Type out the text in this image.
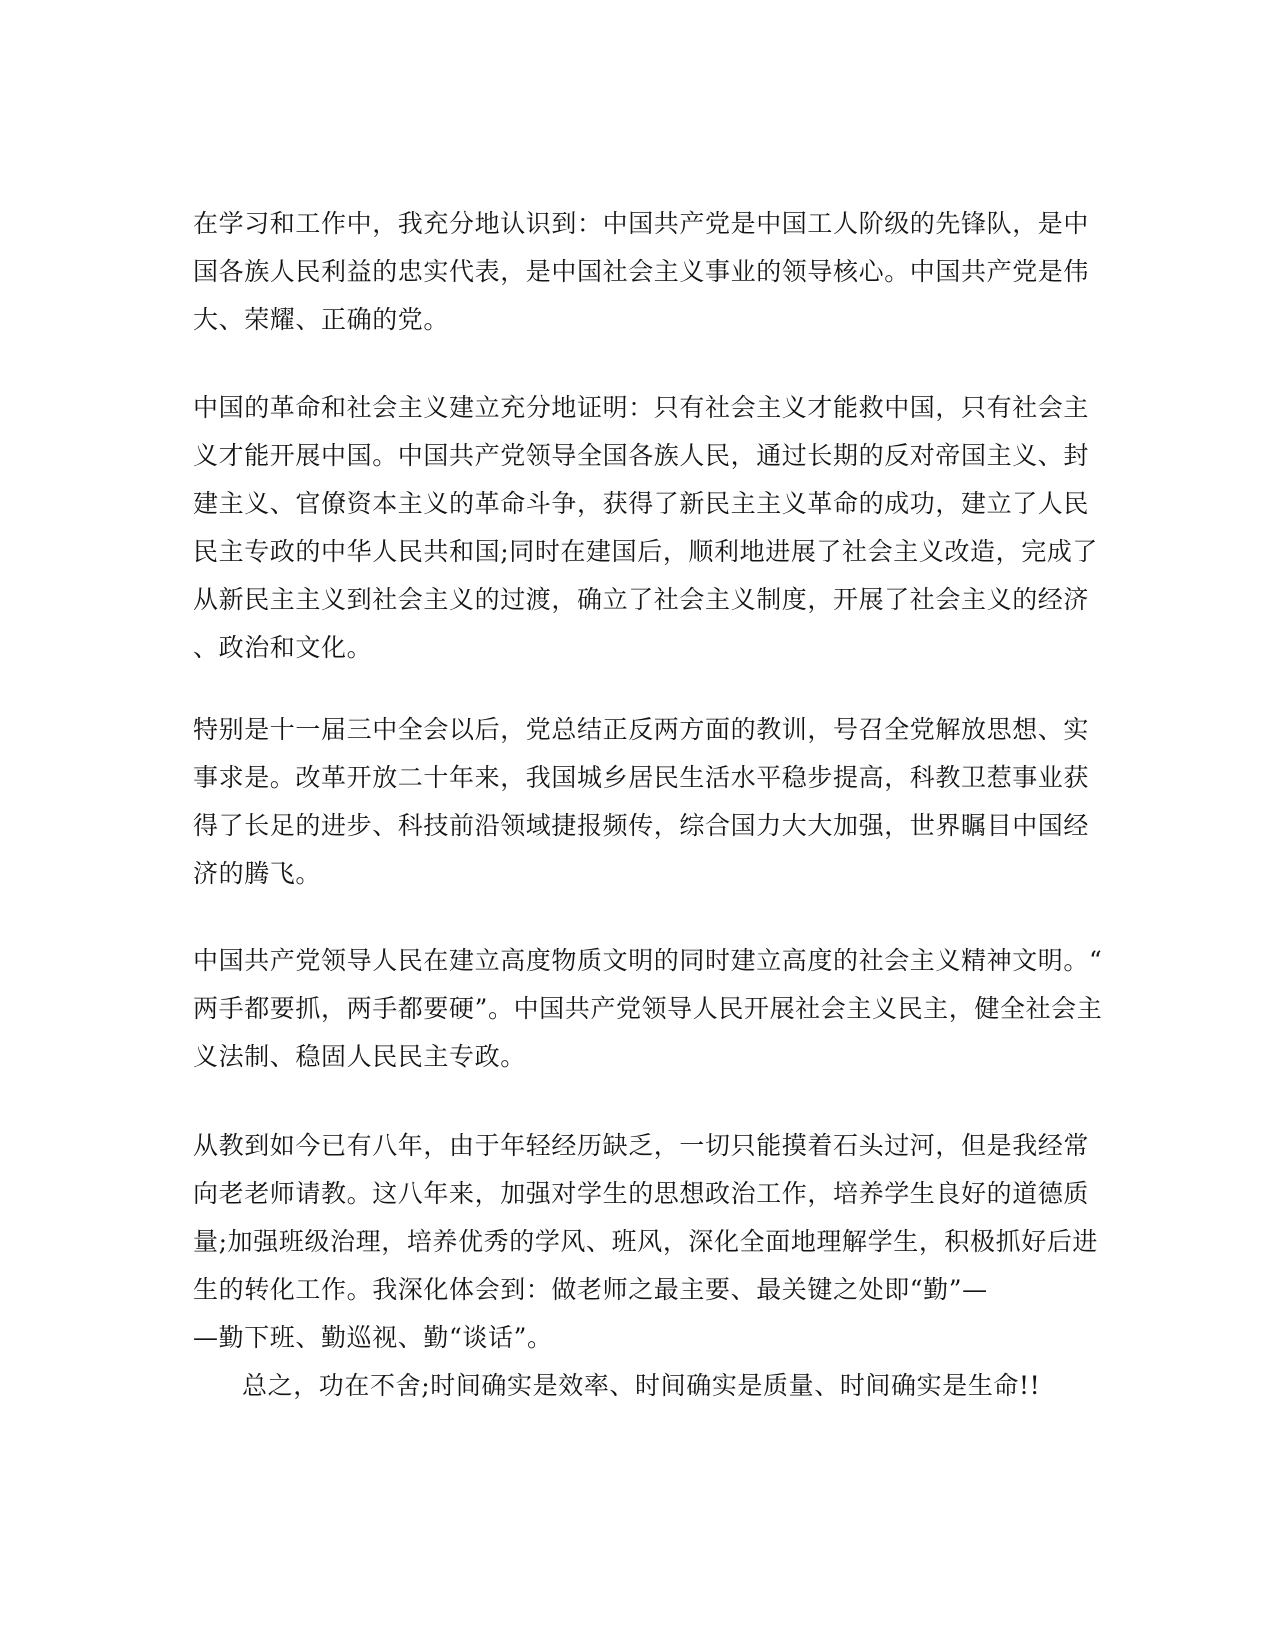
在学习和工作中，我充分地认识到：中国共产党是中国工人阶级的先锋队，是中
国各族人民利益的忠实代表，是中国社会主义事业的领导核心。中国共产党是伟
大、荣耀、正确的党。
中国的革命和社会主义建立充分地证明：只有社会主义才能救中国，只有社会主
义才能开展中国。中国共产党领导全国各族人民，通过长期的反对帝国主义、封
建主义、官僚资本主义的革命斗争，获得了新民主主义革命的成功，建立了人民
民主专政的中华人民共和国;同时在建国后，顺利地进展了社会主义改造，完成了
从新民主主义到社会主义的过渡，确立了社会主义制度，开展了社会主义的经济
、政治和文化。
特别是十一届三中全会以后，党总结正反两方面的教训，号召全党解放思想、实
事求是。改革开放二十年来，我国城乡居民生活水平稳步提高，科教卫惹事业获
得了长足的进步、科技前沿领域捷报频传，综合国力大大加强，世界瞩目中国经
济的腾飞。
中国共产党领导人民在建立高度物质文明的同时建立高度的社会主义精神文明。“
两手都要抓，两手都要硬”。中国共产党领导人民开展社会主义民主，健全社会主
义法制、稳固人民民主专政。
从教到如今已有八年，由于年轻经历缺乏，一切只能摸着石头过河，但是我经常
向老老师请教。这八年来，加强对学生的思想政治工作，培养学生良好的道德质
量;加强班级治理，培养优秀的学风、班风，深化全面地理解学生，积极抓好后进
生的转化工作。我深化体会到：做老师之最主要、最关键之处即“勤”—
—勤下班、勤巡视、勤“谈话”。
总之，功在不舍;时间确实是效率、时间确实是质量、时间确实是生命!!
